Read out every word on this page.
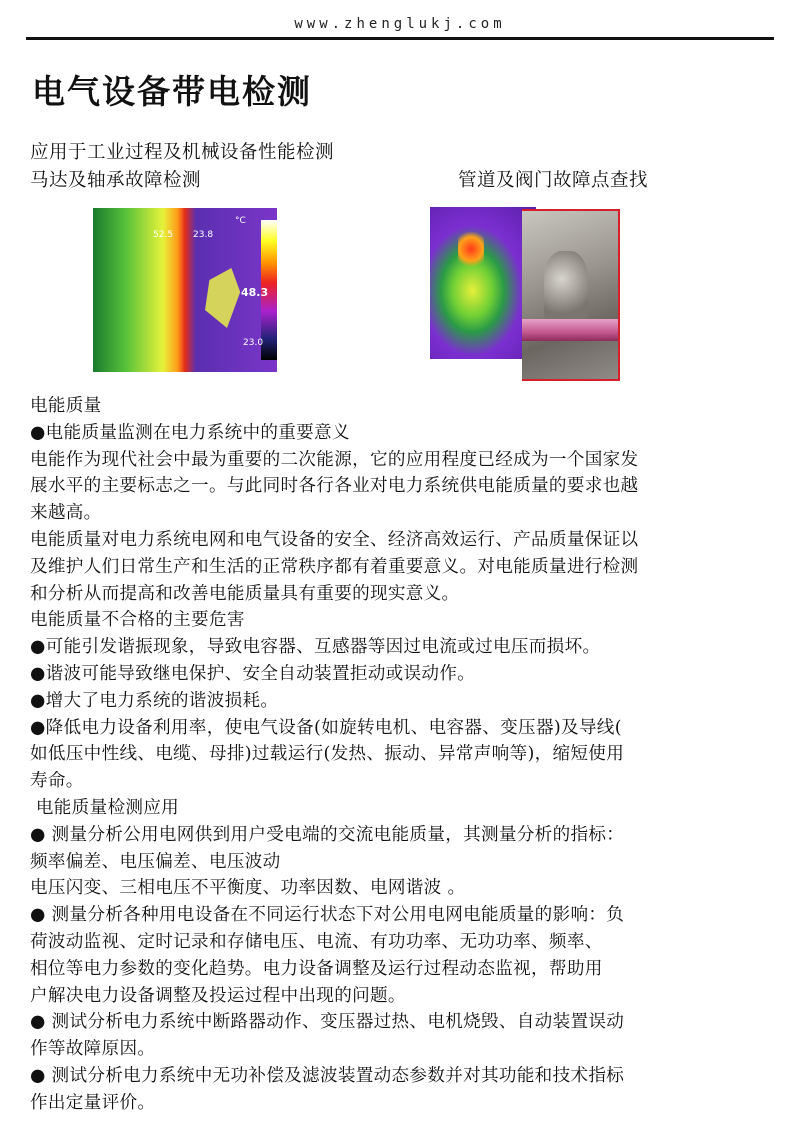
www.zhenglukj.com
电气设备带电检测

应用于工业过程及机械设备性能检测

马达及轴承故障检测	管道及阀门故障点查找

52.5 23.8
°C
48.3
23.0

电能质量

●电能质量监测在电力系统中的重要意义

电能作为现代社会中最为重要的二次能源，它的应用程度已经成为一个国家发

展水平的主要标志之一。与此同时各行各业对电力系统供电能质量的要求也越

来越高。

电能质量对电力系统电网和电气设备的安全、经济高效运行、产品质量保证以

及维护人们日常生产和生活的正常秩序都有着重要意义。对电能质量进行检测

和分析从而提高和改善电能质量具有重要的现实意义。

电能质量不合格的主要危害

●可能引发谐振现象，导致电容器、互感器等因过电流或过电压而损坏。

●谐波可能导致继电保护、安全自动装置拒动或误动作。

●增大了电力系统的谐波损耗。

●降低电力设备利用率，使电气设备(如旋转电机、电容器、变压器)及导线(

如低压中性线、电缆、母排)过载运行(发热、振动、异常声响等)，缩短使用

寿命。

电能质量检测应用

● 测量分析公用电网供到用户受电端的交流电能质量，其测量分析的指标：

频率偏差、电压偏差、电压波动

电压闪变、三相电压不平衡度、功率因数、电网谐波 。

● 测量分析各种用电设备在不同运行状态下对公用电网电能质量的影响：负

荷波动监视、定时记录和存储电压、电流、有功功率、无功功率、频率、

相位等电力参数的变化趋势。电力设备调整及运行过程动态监视，帮助用

户解决电力设备调整及投运过程中出现的问题。

● 测试分析电力系统中断路器动作、变压器过热、电机烧毁、自动装置误动

作等故障原因。

● 测试分析电力系统中无功补偿及滤波装置动态参数并对其功能和技术指标

作出定量评价。
